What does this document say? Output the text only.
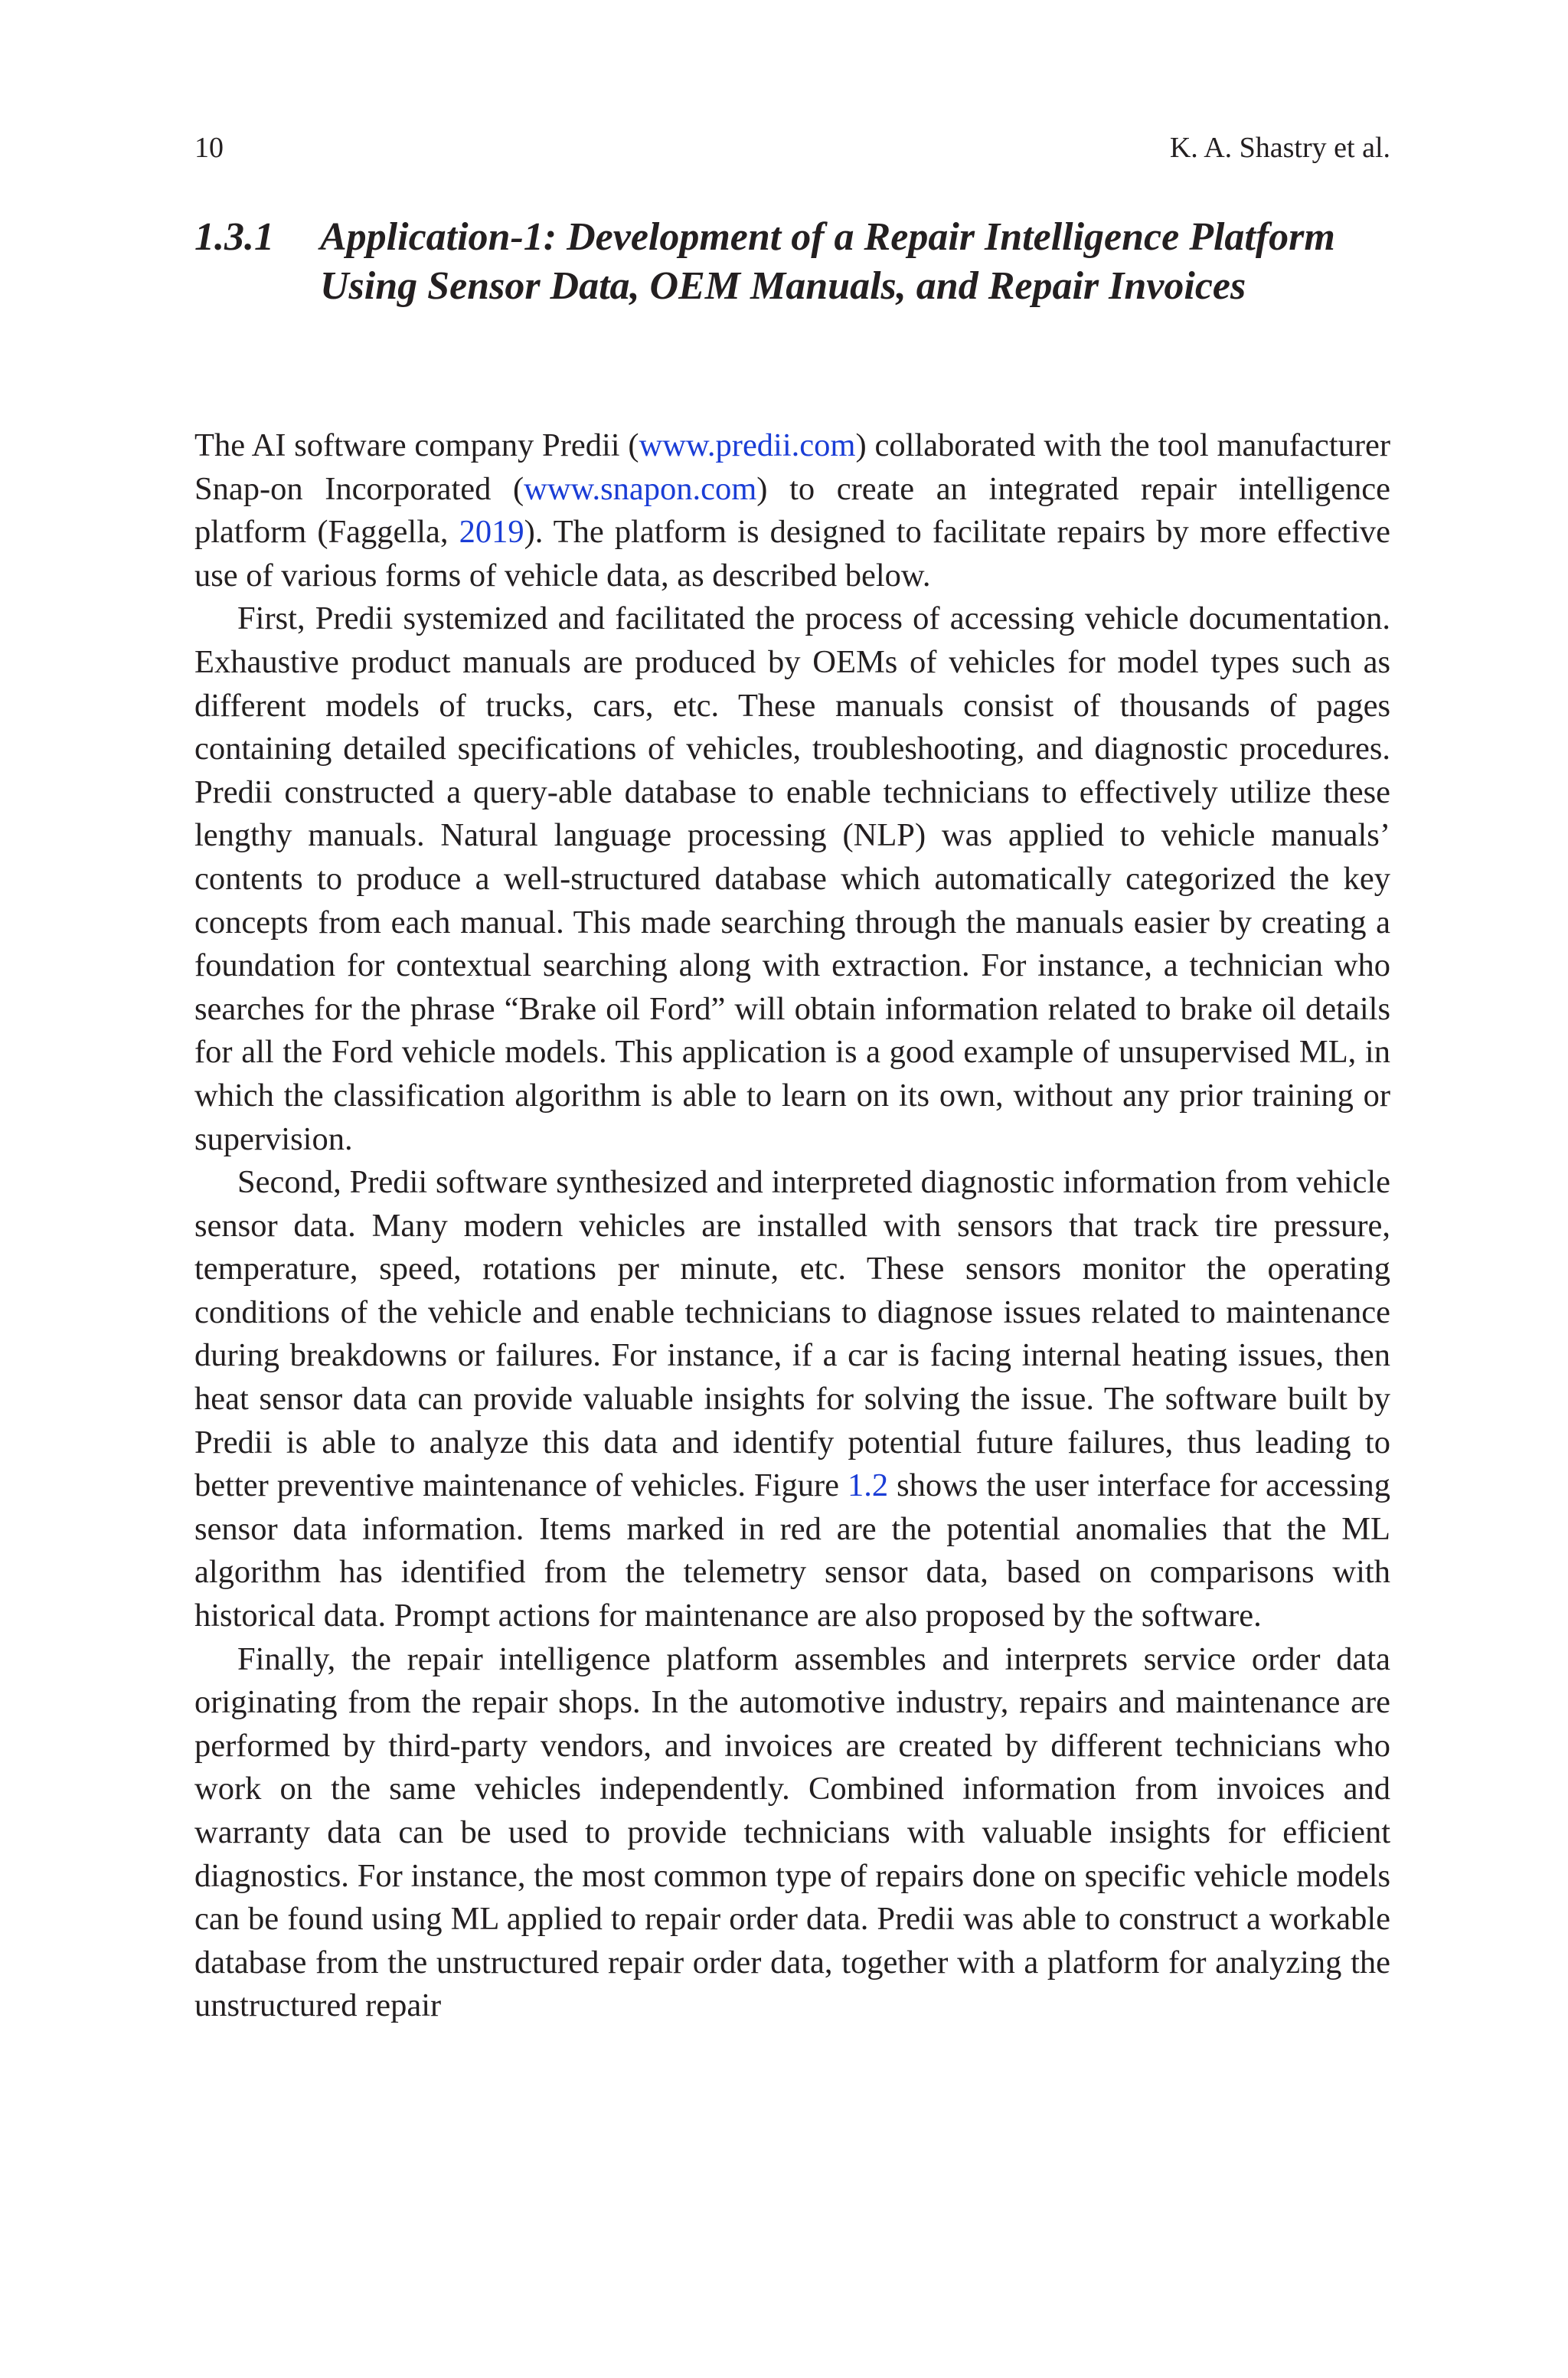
10	K. A. Shastry et al.
1.3.1 Application-1: Development of a Repair Intelligence Platform Using Sensor Data, OEM Manuals, and Repair Invoices

The AI software company Predii (www.predii.com) collaborated with the tool manufacturer Snap-on Incorporated (www.snapon.com) to create an integrated repair intelligence platform (Faggella, 2019). The platform is designed to facilitate repairs by more effective use of various forms of vehicle data, as described below.

First, Predii systemized and facilitated the process of accessing vehicle documentation. Exhaustive product manuals are produced by OEMs of vehicles for model types such as different models of trucks, cars, etc. These manuals consist of thousands of pages containing detailed specifications of vehicles, troubleshooting, and diagnostic procedures. Predii constructed a query-able database to enable technicians to effectively utilize these lengthy manuals. Natural language processing (NLP) was applied to vehicle manuals’ contents to produce a well-structured database which automatically categorized the key concepts from each manual. This made searching through the manuals easier by creating a foundation for contextual searching along with extraction. For instance, a technician who searches for the phrase “Brake oil Ford” will obtain information related to brake oil details for all the Ford vehicle models. This application is a good example of unsupervised ML, in which the classification algorithm is able to learn on its own, without any prior training or supervision.

Second, Predii software synthesized and interpreted diagnostic information from vehicle sensor data. Many modern vehicles are installed with sensors that track tire pressure, temperature, speed, rotations per minute, etc. These sensors monitor the operating conditions of the vehicle and enable technicians to diagnose issues related to maintenance during breakdowns or failures. For instance, if a car is facing internal heating issues, then heat sensor data can provide valuable insights for solving the issue. The software built by Predii is able to analyze this data and identify potential future failures, thus leading to better preventive maintenance of vehicles. Figure 1.2 shows the user interface for accessing sensor data information. Items marked in red are the potential anomalies that the ML algorithm has identified from the telemetry sensor data, based on comparisons with historical data. Prompt actions for maintenance are also proposed by the software.

Finally, the repair intelligence platform assembles and interprets service order data originating from the repair shops. In the automotive industry, repairs and maintenance are performed by third-party vendors, and invoices are created by different technicians who work on the same vehicles independently. Combined information from invoices and warranty data can be used to provide technicians with valuable insights for efficient diagnostics. For instance, the most common type of repairs done on specific vehicle models can be found using ML applied to repair order data. Predii was able to construct a workable database from the unstructured repair order data, together with a platform for analyzing the unstructured repair
